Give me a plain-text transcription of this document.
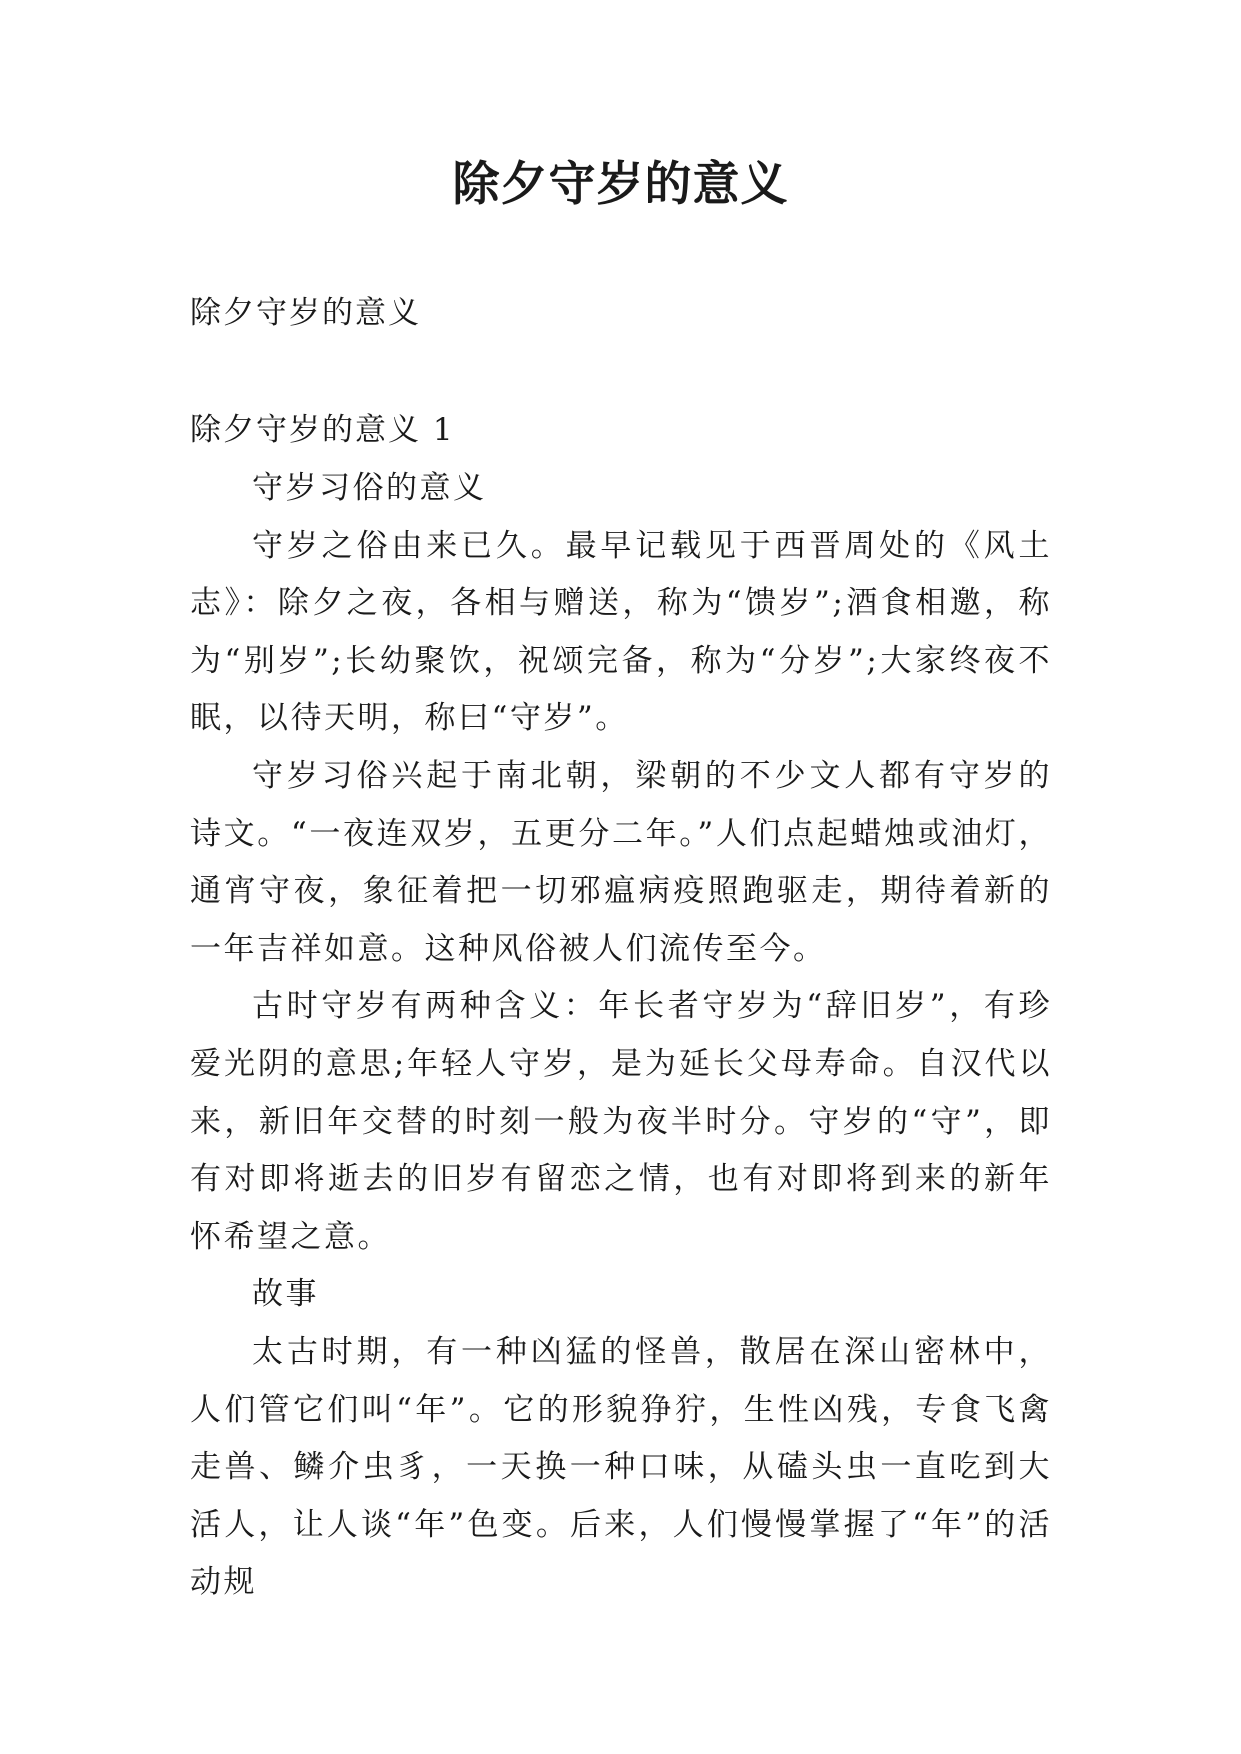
除夕守岁的意义
除夕守岁的意义
除夕守岁的意义 1

守岁习俗的意义

守岁之俗由来已久。最早记载见于西晋周处的《风土志》：除夕之夜，各相与赠送，称为“馈岁”;酒食相邀，称为“别岁”;长幼聚饮，祝颂完备，称为“分岁”;大家终夜不眠，以待天明，称曰“守岁”。

守岁习俗兴起于南北朝，梁朝的不少文人都有守岁的诗文。“一夜连双岁，五更分二年。”人们点起蜡烛或油灯，通宵守夜，象征着把一切邪瘟病疫照跑驱走，期待着新的一年吉祥如意。这种风俗被人们流传至今。

古时守岁有两种含义：年长者守岁为“辞旧岁”，有珍爱光阴的意思;年轻人守岁，是为延长父母寿命。自汉代以来，新旧年交替的时刻一般为夜半时分。守岁的“守”，即有对即将逝去的旧岁有留恋之情，也有对即将到来的新年怀希望之意。

故事

太古时期，有一种凶猛的怪兽，散居在深山密林中，人们管它们叫“年”。它的形貌狰狞，生性凶残，专食飞禽走兽、鳞介虫豸，一天换一种口味，从磕头虫一直吃到大活人，让人谈“年”色变。后来，人们慢慢掌握了“年”的活动规
